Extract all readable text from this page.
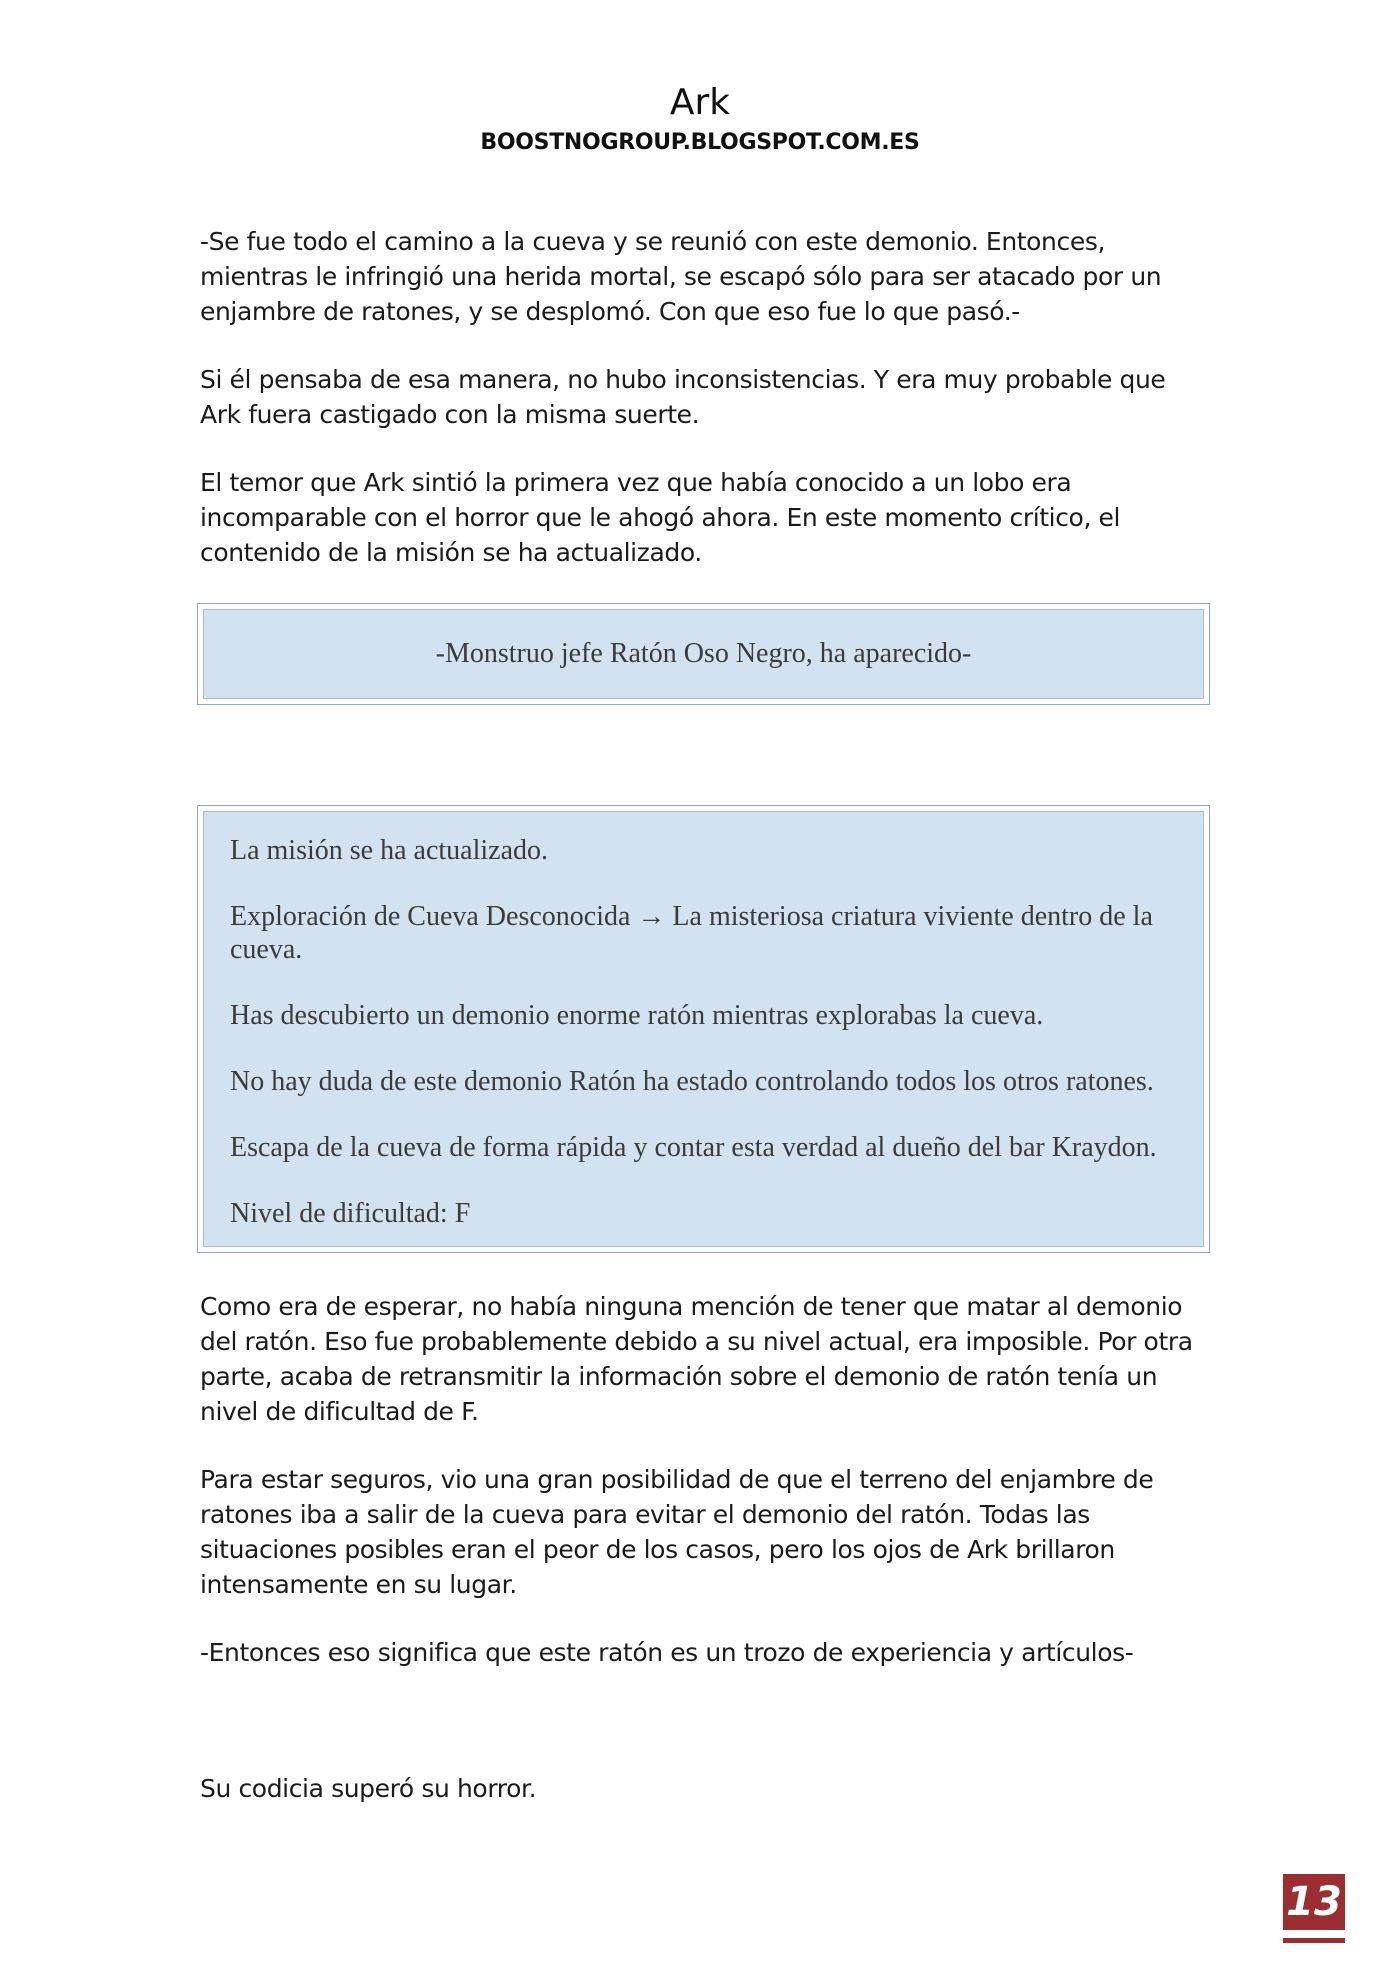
Ark
BOOSTNOGROUP.BLOGSPOT.COM.ES

-Se fue todo el camino a la cueva y se reunió con este demonio. Entonces, mientras le infringió una herida mortal, se escapó sólo para ser atacado por un enjambre de ratones, y se desplomó. Con que eso fue lo que pasó.-

Si él pensaba de esa manera, no hubo inconsistencias. Y era muy probable que Ark fuera castigado con la misma suerte.

El temor que Ark sintió la primera vez que había conocido a un lobo era incomparable con el horror que le ahogó ahora. En este momento crítico, el contenido de la misión se ha actualizado.

-Monstruo jefe Ratón Oso Negro, ha aparecido-

La misión se ha actualizado.

Exploración de Cueva Desconocida → La misteriosa criatura viviente dentro de la cueva.

Has descubierto un demonio enorme ratón mientras explorabas la cueva.

No hay duda de este demonio Ratón ha estado controlando todos los otros ratones.

Escapa de la cueva de forma rápida y contar esta verdad al dueño del bar Kraydon.

Nivel de dificultad: F

Como era de esperar, no había ninguna mención de tener que matar al demonio del ratón. Eso fue probablemente debido a su nivel actual, era imposible. Por otra parte, acaba de retransmitir la información sobre el demonio de ratón tenía un nivel de dificultad de F.

Para estar seguros, vio una gran posibilidad de que el terreno del enjambre de ratones iba a salir de la cueva para evitar el demonio del ratón. Todas las situaciones posibles eran el peor de los casos, pero los ojos de Ark brillaron intensamente en su lugar.

-Entonces eso significa que este ratón es un trozo de experiencia y artículos-

Su codicia superó su horror.

13
